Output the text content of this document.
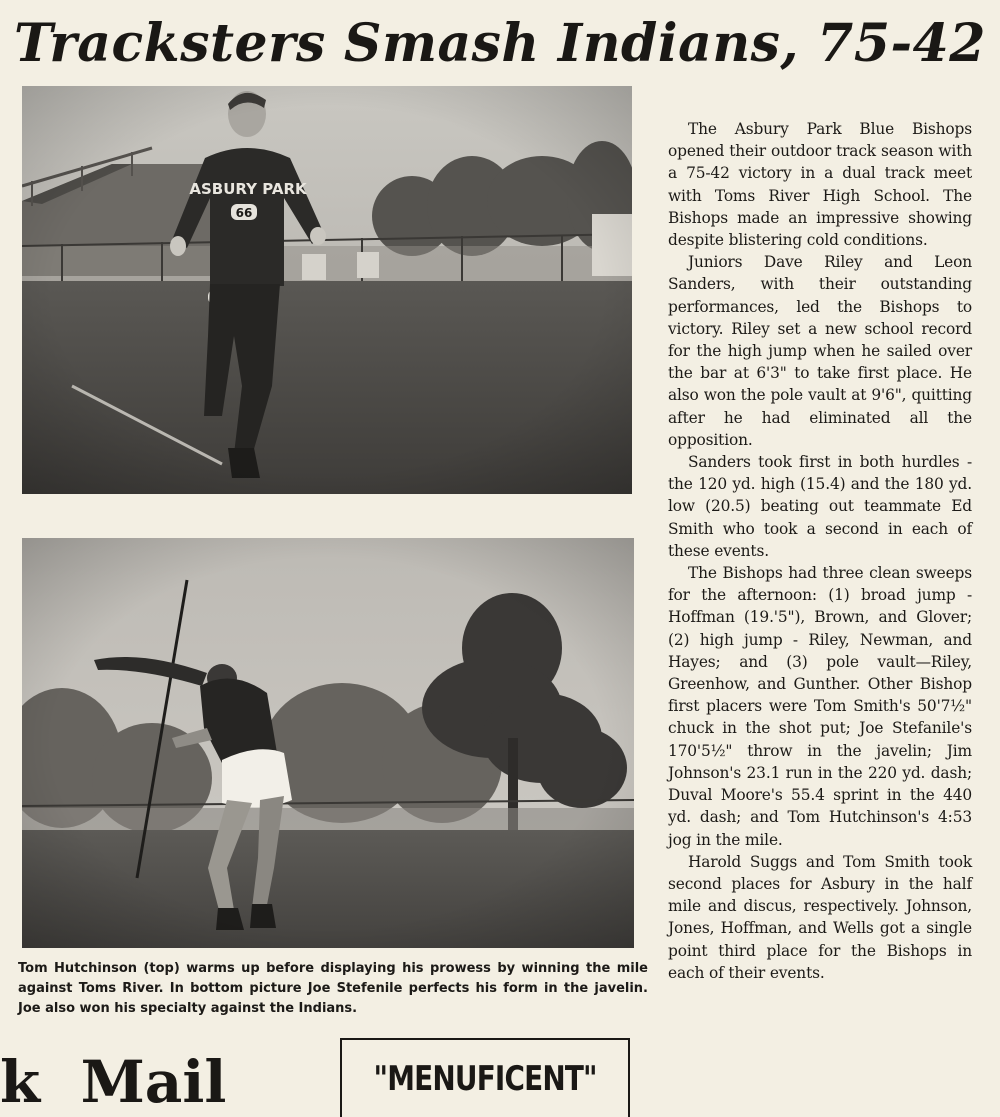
Tracksters Smash Indians, 75-42

Tom Hutchinson (top) warms up before displaying his prowess by winning the mile against Toms River. In bottom picture Joe Stefenile perfects his form in the javelin. Joe also won his specialty against the Indians.

The Asbury Park Blue Bishops opened their outdoor track season with a 75-42 victory in a dual track meet with Toms River High School. The Bishops made an impressive showing despite blistering cold conditions.

Juniors Dave Riley and Leon Sanders, with their outstanding performances, led the Bishops to victory. Riley set a new school record for the high jump when he sailed over the bar at 6'3" to take first place. He also won the pole vault at 9'6", quitting after he had eliminated all the opposition.

Sanders took first in both hurdles - the 120 yd. high (15.4) and the 180 yd. low (20.5) beating out teammate Ed Smith who took a second in each of these events.

The Bishops had three clean sweeps for the afternoon: (1) broad jump - Hoffman (19.'5"), Brown, and Glover; (2) high jump - Riley, Newman, and Hayes; and (3) pole vault—Riley, Greenhow, and Gunther. Other Bishop first placers were Tom Smith's 50'7½" chuck in the shot put; Joe Stefanile's 170'5½" throw in the javelin; Jim Johnson's 23.1 run in the 220 yd. dash; Duval Moore's 55.4 sprint in the 440 yd. dash; and Tom Hutchinson's 4:53 jog in the mile.

Harold Suggs and Tom Smith took second places for Asbury in the half mile and discus, respectively. Johnson, Jones, Hoffman, and Wells got a single point third place for the Bishops in each of their events.

k  Mail	"MENUFICENT"
